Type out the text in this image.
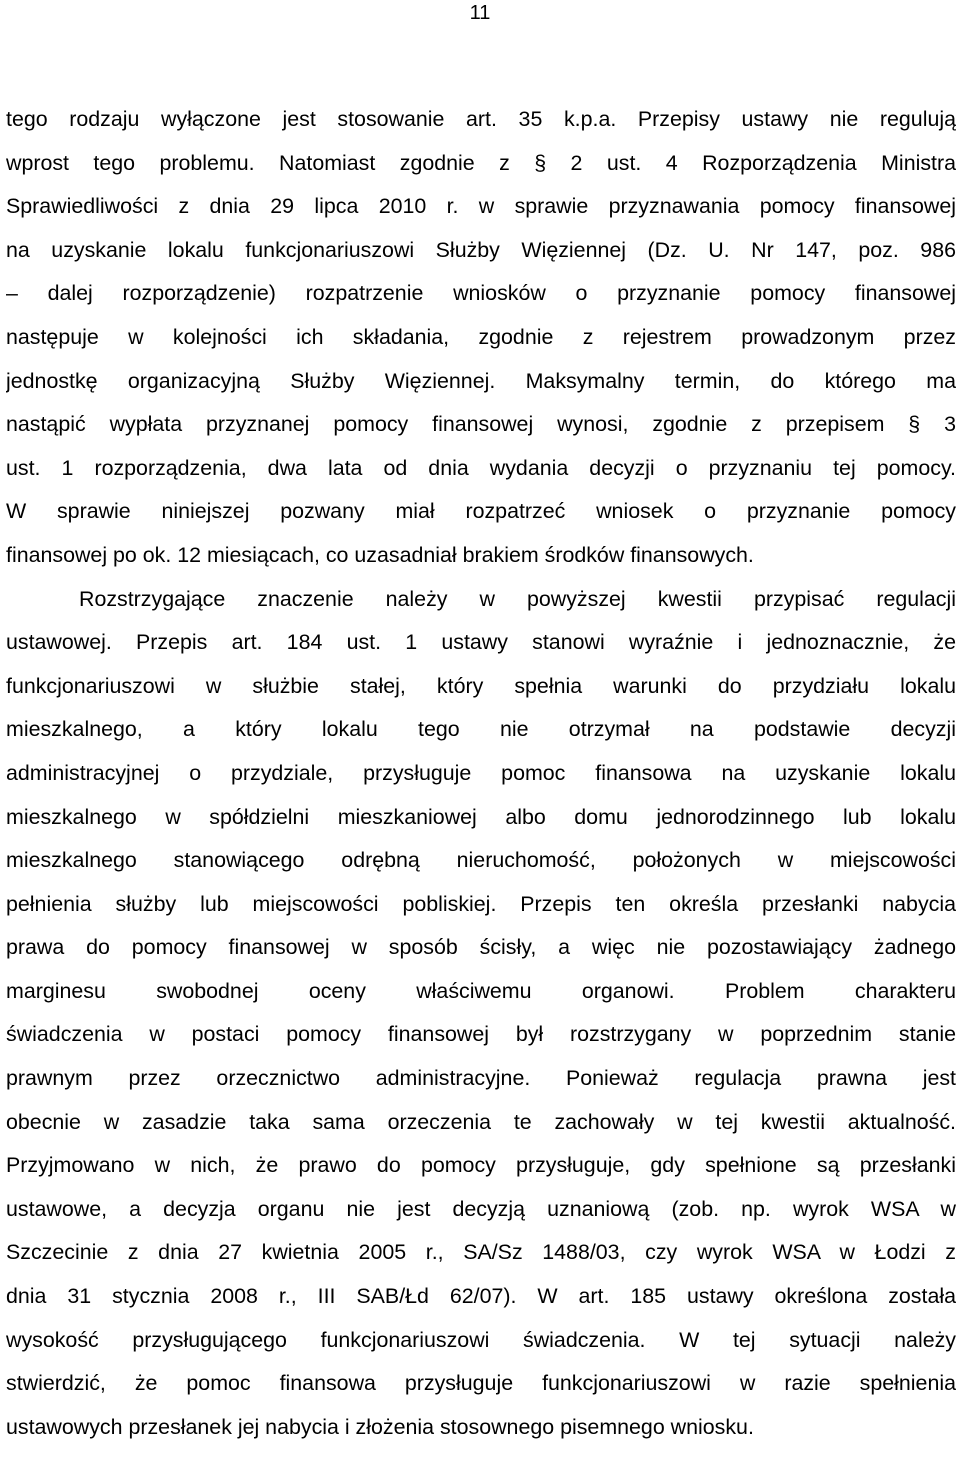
11
tego rodzaju wyłączone jest stosowanie art. 35 k.p.a. Przepisy ustawy nie regulują
wprost tego problemu. Natomiast zgodnie z § 2 ust. 4 Rozporządzenia Ministra
Sprawiedliwości z dnia 29 lipca 2010 r. w sprawie przyznawania pomocy finansowej
na uzyskanie lokalu funkcjonariuszowi Służby Więziennej (Dz. U. Nr 147, poz. 986
– dalej rozporządzenie) rozpatrzenie wniosków o przyznanie pomocy finansowej
następuje w kolejności ich składania, zgodnie z rejestrem prowadzonym przez
jednostkę organizacyjną Służby Więziennej. Maksymalny termin, do którego ma
nastąpić wypłata przyznanej pomocy finansowej wynosi, zgodnie z przepisem § 3
ust. 1 rozporządzenia, dwa lata od dnia wydania decyzji o przyznaniu tej pomocy.
W sprawie niniejszej pozwany miał rozpatrzeć wniosek o przyznanie pomocy
finansowej po ok. 12 miesiącach, co uzasadniał brakiem środków finansowych.
Rozstrzygające znaczenie należy w powyższej kwestii przypisać regulacji
ustawowej. Przepis art. 184 ust. 1 ustawy stanowi wyraźnie i jednoznacznie, że
funkcjonariuszowi w służbie stałej, który spełnia warunki do przydziału lokalu
mieszkalnego, a który lokalu tego nie otrzymał na podstawie decyzji
administracyjnej o przydziale, przysługuje pomoc finansowa na uzyskanie lokalu
mieszkalnego w spółdzielni mieszkaniowej albo domu jednorodzinnego lub lokalu
mieszkalnego stanowiącego odrębną nieruchomość, położonych w miejscowości
pełnienia służby lub miejscowości pobliskiej. Przepis ten określa przesłanki nabycia
prawa do pomocy finansowej w sposób ścisły, a więc nie pozostawiający żadnego
marginesu swobodnej oceny właściwemu organowi. Problem charakteru
świadczenia w postaci pomocy finansowej był rozstrzygany w poprzednim stanie
prawnym przez orzecznictwo administracyjne. Ponieważ regulacja prawna jest
obecnie w zasadzie taka sama orzeczenia te zachowały w tej kwestii aktualność.
Przyjmowano w nich, że prawo do pomocy przysługuje, gdy spełnione są przesłanki
ustawowe, a decyzja organu nie jest decyzją uznaniową (zob. np. wyrok WSA w
Szczecinie z dnia 27 kwietnia 2005 r., SA/Sz 1488/03, czy wyrok WSA w Łodzi z
dnia 31 stycznia 2008 r., III SAB/Łd 62/07). W art. 185 ustawy określona została
wysokość przysługującego funkcjonariuszowi świadczenia. W tej sytuacji należy
stwierdzić, że pomoc finansowa przysługuje funkcjonariuszowi w razie spełnienia
ustawowych przesłanek jej nabycia i złożenia stosownego pisemnego wniosku.
